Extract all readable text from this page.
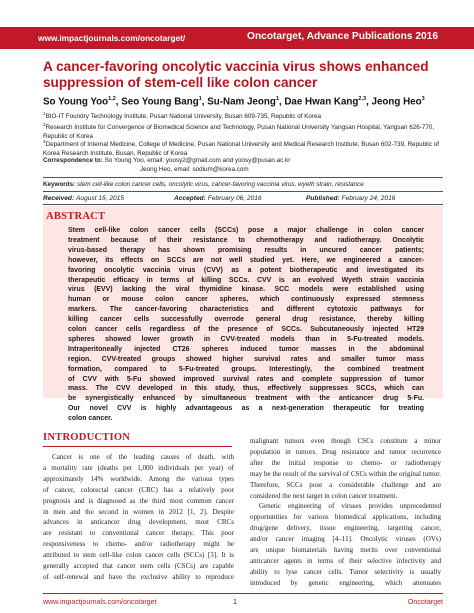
www.impactjournals.com/oncotarget/	Oncotarget, Advance Publications 2016
A cancer-favoring oncolytic vaccinia virus shows enhanced suppression of stem-cell like colon cancer
So Young Yoo$^{1,2}$, Seo Young Bang$^1$, Su-Nam Jeong$^1$, Dae Hwan Kang$^{2,3}$, Jeong Heo$^3$
$^1$BIO-IT Foundry Technology Institute, Pusan National University, Busan 609-735, Republic of Korea
$^2$Research Institute for Convergence of Biomedical Science and Technology, Pusan National University Yangsan Hospital, Yangsan 626-770, Republic of Korea
$^3$Department of Internal Medicine, College of Medicine, Pusan National University and Medical Research Institute, Busan 602-739, Republic of Korea Research Institute, Busan, Republic of Korea
Correspondence to: So Young Yoo, email: yoosy2@gmail.com and yoosy@pusan.ac.kr
Jeong Heo, email: sodium@korea.com
Keywords: stem cell-like colon cancer cells, oncolytic virus, cancer-favoring vaccinia virus, wyeth strain, resistance
Received: August 15, 2015	Accepted: February 06, 2016	Published: February 24, 2016
ABSTRACT
Stem cell-like colon cancer cells (SCCs) pose a major challenge in colon cancer
treatment because of their resistance to chemotherapy and radiotherapy. Oncolytic
virus-based therapy has shown promising results in uncured cancer patients;
however, its effects on SCCs are not well studied yet. Here, we engineered a cancer-
favoring oncolytic vaccinia virus (CVV) as a potent biotherapeutic and investigated its
therapeutic efficacy in terms of killing SCCs. CVV is an evolved Wyeth strain vaccinia
virus (EVV) lacking the viral thymidine kinase. SCC models were established using
human or mouse colon cancer spheres, which continuously expressed stemness
markers. The cancer-favoring characteristics and different cytotoxic pathways for
killing cancer cells successfully overrode general drug resistance, thereby killing
colon cancer cells regardless of the presence of SCCs. Subcutaneously injected HT29
spheres showed lower growth in CVV-treated models than in 5-Fu-treated models.
Intraperitoneally injected CT26 spheres induced tumor masses in the abdominal
region. CVV-treated groups showed higher survival rates and smaller tumor mass
formation, compared to 5-Fu-treated groups. Interestingly, the combined treatment
of CVV with 5-Fu showed improved survival rates and complete suppression of tumor
mass. The CVV developed in this study, thus, effectively suppresses SCCs, which can
be synergistically enhanced by simultaneous treatment with the anticancer drug 5-Fu.
Our novel CVV is highly advantageous as a next-generation therapeutic for treating
colon cancer.
INTRODUCTION
Cancer is one of the leading causes of death, with
a mortality rate (deaths per 1,000 individuals per year) of
approximately 14% worldwide. Among the various types
of cancer, colorectal cancer (CRC) has a relatively poor
prognosis and is diagnosed as the third most common cancer
in men and the second in women in 2012 [1, 2]. Despite
advances in anticancer drug development, most CRCs
are resistant to conventional cancer therapy. This poor
responsiveness to chemo- and/or radiotherapy might be
attributed to stem cell-like colon cancer cells (SCCs) [3]. It is
generally accepted that cancer stem cells (CSCs) are capable
of self-renewal and have the exclusive ability to reproduce
malignant tumors even though CSCs constitute a minor
population in tumors. Drug resistance and tumor recurrence
after the initial response to chemo- or radiotherapy
may be the result of the survival of CSCs within the original tumor.
Therefore, SCCs pose a considerable challenge and are
considered the next target in colon cancer treatment.
Genetic engineering of viruses provides unprecedented
opportunities for various biomedical applications, including
drug/gene delivery, tissue engineering, targeting cancer,
and/or cancer imaging [4–11]. Oncolytic viruses (OVs)
are unique biomaterials having merits over conventional
anticancer agents in terms of their selective infectivity and
ability to lyse cancer cells. Tumor selectivity is usually
introduced by genetic engineering, which attenuates
www.impactjournals.com/oncotarget	1	Oncotarget
